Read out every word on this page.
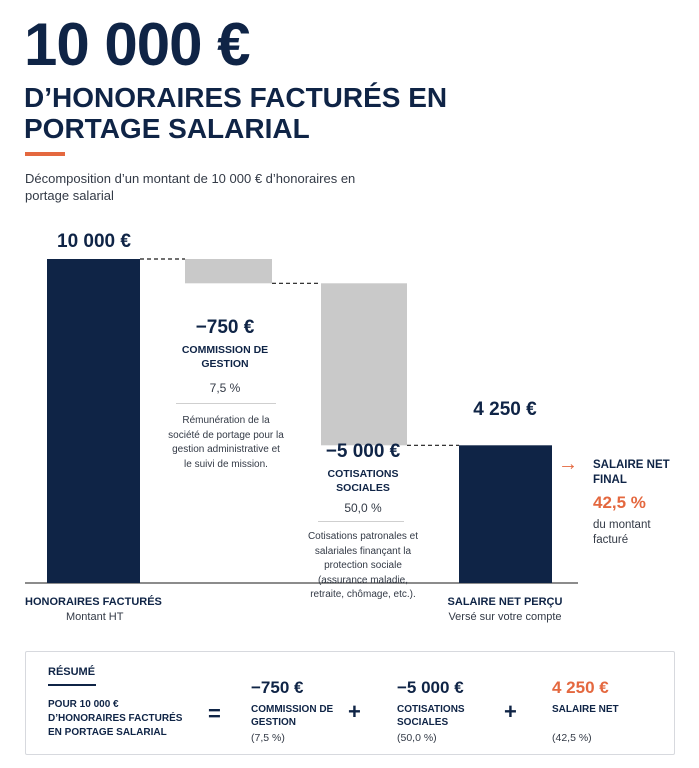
10 000 €
D’HONORAIRES FACTURÉS EN PORTAGE SALARIAL
Décomposition d’un montant de 10 000 € d’honoraires en portage salarial
10 000 €
HONORAIRES FACTURÉS
Montant HT
−750 €
COMMISSION DE GESTION
7,5 %
Rémunération de la société de portage pour la gestion administrative et le suivi de mission.
−5 000 €
COTISATIONS SOCIALES
50,0 %
Cotisations patronales et salariales finançant la protection sociale (assurance maladie, retraite, chômage, etc.).
4 250 €
SALAIRE NET PERÇU
Versé sur votre compte
→ SALAIRE NET FINAL
42,5 %
du montant facturé
RÉSUMÉ
POUR 10 000 € D’HONORAIRES FACTURÉS EN PORTAGE SALARIAL
=
−750 €
COMMISSION DE GESTION
(7,5 %)
+
−5 000 €
COTISATIONS SOCIALES
(50,0 %)
+
4 250 €
SALAIRE NET
(42,5 %)
